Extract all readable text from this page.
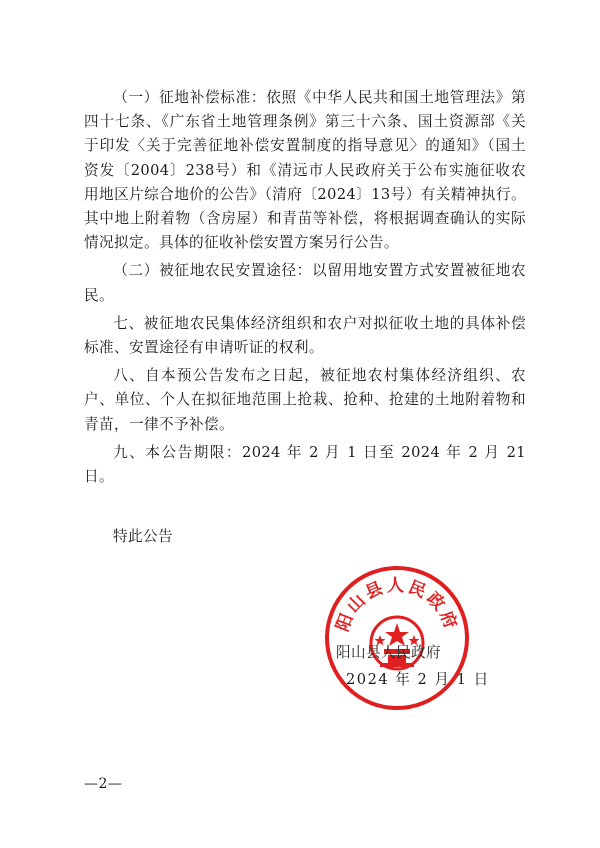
（一）征地补偿标准：依照《中华人民共和国土地管理法》第四十七条、《广东省土地管理条例》第三十六条、国土资源部《关于印发〈关于完善征地补偿安置制度的指导意见〉的通知》（国土资发〔2004〕238号）和《清远市人民政府关于公布实施征收农用地区片综合地价的公告》（清府〔2024〕13号）有关精神执行。其中地上附着物（含房屋）和青苗等补偿，将根据调查确认的实际情况拟定。具体的征收补偿安置方案另行公告。

（二）被征地农民安置途径：以留用地安置方式安置被征地农民。

七、被征地农民集体经济组织和农户对拟征收土地的具体补偿标准、安置途径有申请听证的权利。

八、自本预公告发布之日起，被征地农村集体经济组织、农户、单位、个人在拟征地范围上抢栽、抢种、抢建的土地附着物和青苗，一律不予补偿。

九、本公告期限：2024 年 2 月 1 日至 2024 年 2 月 21 日。

特此公告
阳山县人民政府
阳山县人民政府
2024 年 2 月 1 日
—2—
